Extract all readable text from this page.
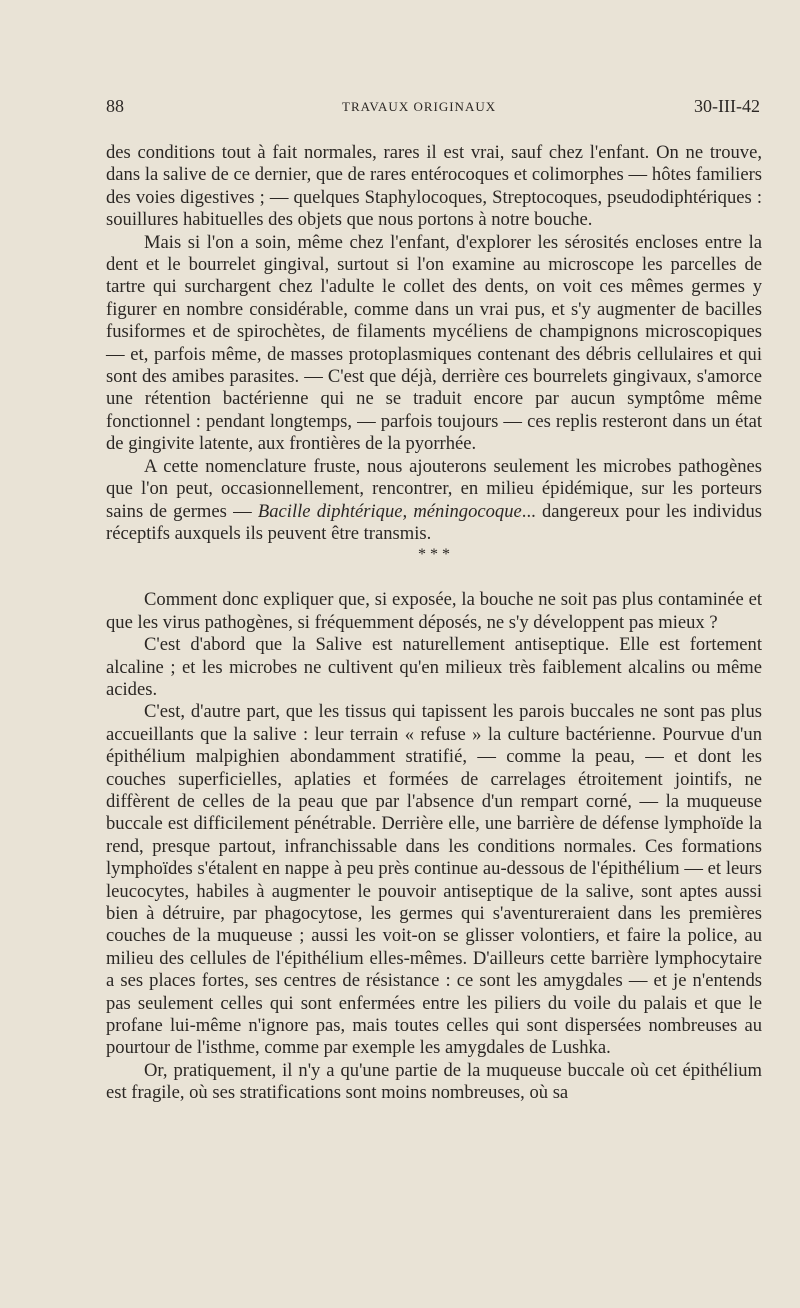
88	TRAVAUX ORIGINAUX	30-III-42

des conditions tout à fait normales, rares il est vrai, sauf chez l'enfant. On ne trouve, dans la salive de ce dernier, que de rares entérocoques et colimorphes — hôtes familiers des voies digestives ; — quelques Staphylocoques, Streptocoques, pseudodiphtériques : souillures habituelles des objets que nous portons à notre bouche.

Mais si l'on a soin, même chez l'enfant, d'explorer les sérosités encloses entre la dent et le bourrelet gingival, surtout si l'on examine au microscope les parcelles de tartre qui surchargent chez l'adulte le collet des dents, on voit ces mêmes germes y figurer en nombre considérable, comme dans un vrai pus, et s'y augmenter de bacilles fusiformes et de spirochètes, de filaments mycéliens de champignons microscopiques — et, parfois même, de masses protoplasmiques contenant des débris cellulaires et qui sont des amibes parasites. — C'est que déjà, derrière ces bourrelets gingivaux, s'amorce une rétention bactérienne qui ne se traduit encore par aucun symptôme même fonctionnel : pendant longtemps, — parfois toujours — ces replis resteront dans un état de gingivite latente, aux frontières de la pyorrhée.

A cette nomenclature fruste, nous ajouterons seulement les microbes pathogènes que l'on peut, occasionnellement, rencontrer, en milieu épidémique, sur les porteurs sains de germes — Bacille diphtérique, méningocoque... dangereux pour les individus réceptifs auxquels ils peuvent être transmis.

* * *

Comment donc expliquer que, si exposée, la bouche ne soit pas plus contaminée et que les virus pathogènes, si fréquemment déposés, ne s'y développent pas mieux ?

C'est d'abord que la Salive est naturellement antiseptique. Elle est fortement alcaline ; et les microbes ne cultivent qu'en milieux très faiblement alcalins ou même acides.

C'est, d'autre part, que les tissus qui tapissent les parois buccales ne sont pas plus accueillants que la salive : leur terrain « refuse » la culture bactérienne. Pourvue d'un épithélium malpighien abondamment stratifié, — comme la peau, — et dont les couches superficielles, aplaties et formées de carrelages étroitement jointifs, ne diffèrent de celles de la peau que par l'absence d'un rempart corné, — la muqueuse buccale est difficilement pénétrable. Derrière elle, une barrière de défense lymphoïde la rend, presque partout, infranchissable dans les conditions normales. Ces formations lymphoïdes s'étalent en nappe à peu près continue au-dessous de l'épithélium — et leurs leucocytes, habiles à augmenter le pouvoir antiseptique de la salive, sont aptes aussi bien à détruire, par phagocytose, les germes qui s'aventureraient dans les premières couches de la muqueuse ; aussi les voit-on se glisser volontiers, et faire la police, au milieu des cellules de l'épithélium elles-mêmes. D'ailleurs cette barrière lymphocytaire a ses places fortes, ses centres de résistance : ce sont les amygdales — et je n'entends pas seulement celles qui sont enfermées entre les piliers du voile du palais et que le profane lui-même n'ignore pas, mais toutes celles qui sont dispersées nombreuses au pourtour de l'isthme, comme par exemple les amygdales de Lushka.

Or, pratiquement, il n'y a qu'une partie de la muqueuse buccale où cet épithélium est fragile, où ses stratifications sont moins nombreuses, où sa
